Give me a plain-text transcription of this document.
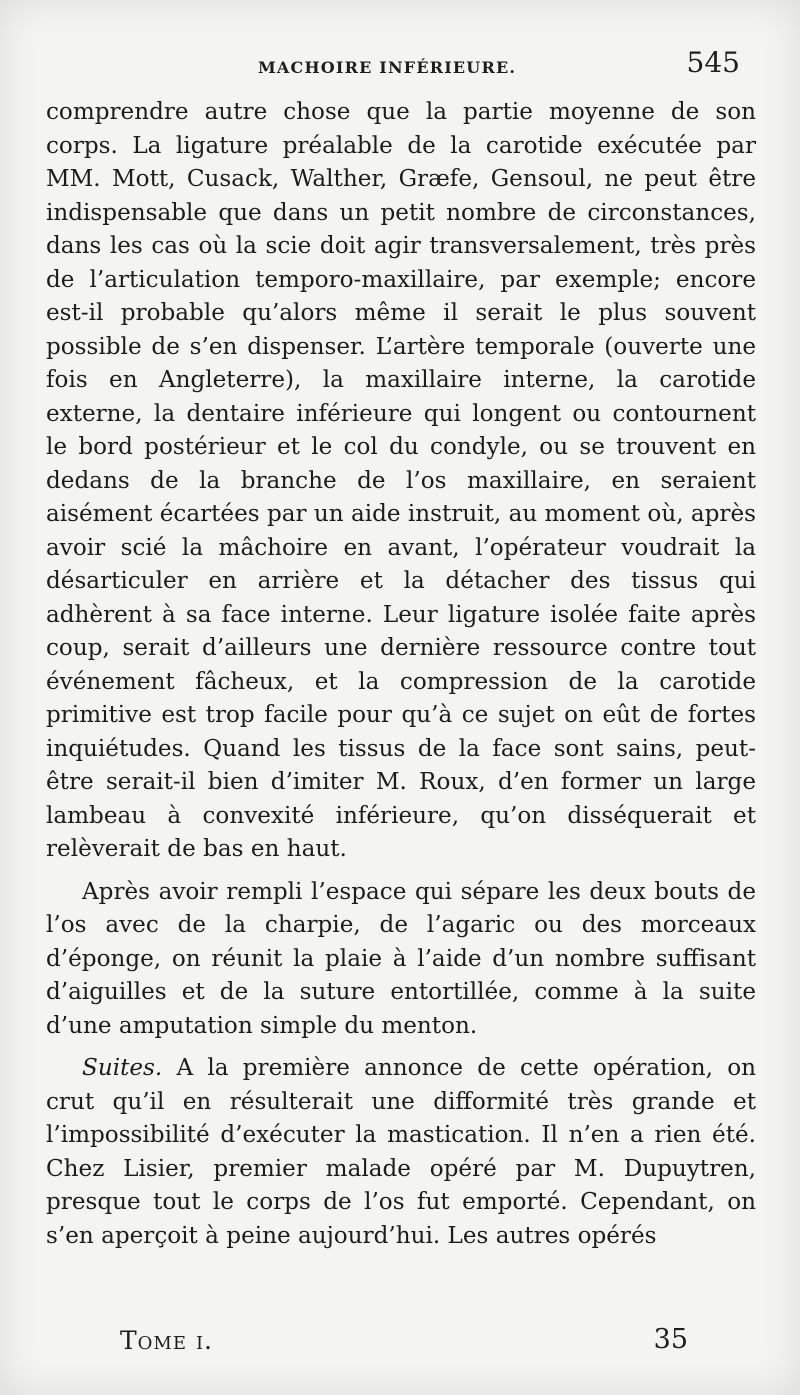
MACHOIRE INFÉRIEURE.	545

comprendre autre chose que la partie moyenne de son corps. La ligature préalable de la carotide exécutée par MM. Mott, Cusack, Walther, Græfe, Gensoul, ne peut être indispensable que dans un petit nombre de circonstances, dans les cas où la scie doit agir transversalement, très près de l’articulation temporo-maxillaire, par exemple; encore est-il probable qu’alors même il serait le plus souvent possible de s’en dispenser. L’artère temporale (ouverte une fois en Angleterre), la maxillaire interne, la carotide externe, la dentaire inférieure qui longent ou contournent le bord postérieur et le col du condyle, ou se trouvent en dedans de la branche de l’os maxillaire, en seraient aisément écartées par un aide instruit, au moment où, après avoir scié la mâchoire en avant, l’opérateur voudrait la désarticuler en arrière et la détacher des tissus qui adhèrent à sa face interne. Leur ligature isolée faite après coup, serait d’ailleurs une dernière ressource contre tout événement fâcheux, et la compression de la carotide primitive est trop facile pour qu’à ce sujet on eût de fortes inquiétudes. Quand les tissus de la face sont sains, peut-être serait-il bien d’imiter M. Roux, d’en former un large lambeau à convexité inférieure, qu’on disséquerait et relèverait de bas en haut.

Après avoir rempli l’espace qui sépare les deux bouts de l’os avec de la charpie, de l’agaric ou des morceaux d’éponge, on réunit la plaie à l’aide d’un nombre suffisant d’aiguilles et de la suture entortillée, comme à la suite d’une amputation simple du menton.

Suites. A la première annonce de cette opération, on crut qu’il en résulterait une difformité très grande et l’impossibilité d’exécuter la mastication. Il n’en a rien été. Chez Lisier, premier malade opéré par M. Dupuytren, presque tout le corps de l’os fut emporté. Cependant, on s’en aperçoit à peine aujourd’hui. Les autres opérés

Tome i.	35
